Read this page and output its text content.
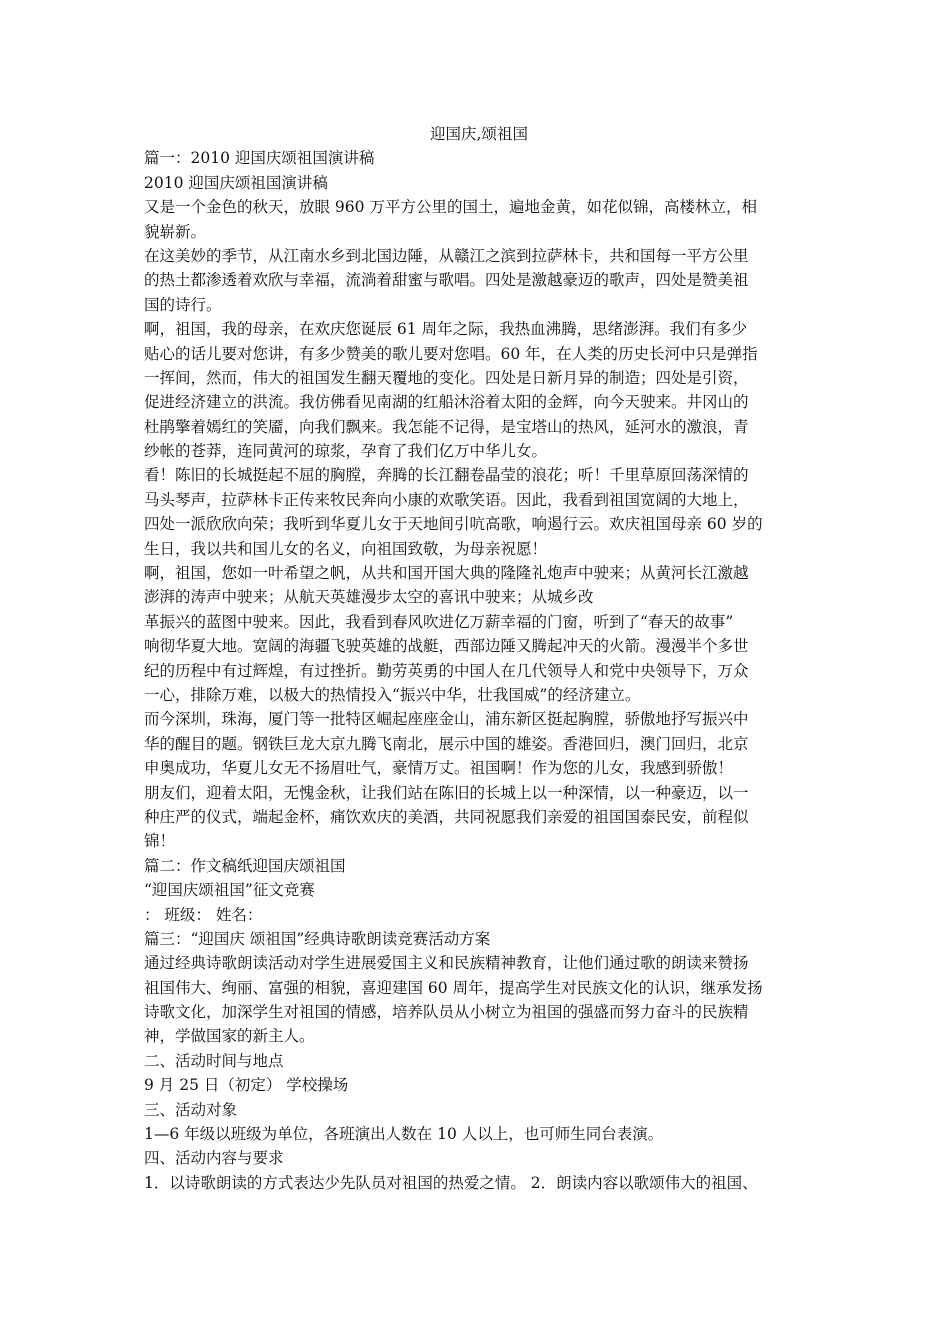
迎国庆,颂祖国
篇一：2010 迎国庆颂祖国演讲稿
2010 迎国庆颂祖国演讲稿
又是一个金色的秋天，放眼 960 万平方公里的国土，遍地金黄，如花似锦，高楼林立，相
貌崭新。
在这美妙的季节，从江南水乡到北国边陲，从赣江之滨到拉萨林卡，共和国每一平方公里
的热土都渗透着欢欣与幸福，流淌着甜蜜与歌唱。四处是激越豪迈的歌声，四处是赞美祖
国的诗行。
啊，祖国，我的母亲，在欢庆您诞辰 61 周年之际，我热血沸腾，思绪澎湃。我们有多少
贴心的话儿要对您讲，有多少赞美的歌儿要对您唱。60 年，在人类的历史长河中只是弹指
一挥间，然而，伟大的祖国发生翻天覆地的变化。四处是日新月异的制造；四处是引资，
促进经济建立的洪流。我仿佛看见南湖的红船沐浴着太阳的金辉，向今天驶来。井冈山的
杜鹃擎着嫣红的笑靥，向我们飘来。我怎能不记得，是宝塔山的热风，延河水的激浪，青
纱帐的苍莽，连同黄河的琼浆，孕育了我们亿万中华儿女。
看！陈旧的长城挺起不屈的胸膛，奔腾的长江翻卷晶莹的浪花；听！千里草原回荡深情的
马头琴声，拉萨林卡正传来牧民奔向小康的欢歌笑语。因此，我看到祖国宽阔的大地上，
四处一派欣欣向荣；我听到华夏儿女于天地间引吭高歌，响遏行云。欢庆祖国母亲 60 岁的
生日，我以共和国儿女的名义，向祖国致敬，为母亲祝愿！
啊，祖国，您如一叶希望之帆，从共和国开国大典的隆隆礼炮声中驶来；从黄河长江激越
澎湃的涛声中驶来；从航天英雄漫步太空的喜讯中驶来；从城乡改
革振兴的蓝图中驶来。因此，我看到春风吹进亿万薪幸福的门窗，听到了“春天的故事”
响彻华夏大地。宽阔的海疆飞驶英雄的战艇，西部边陲又腾起冲天的火箭。漫漫半个多世
纪的历程中有过辉煌，有过挫折。勤劳英勇的中国人在几代领导人和党中央领导下，万众
一心，排除万难，以极大的热情投入“振兴中华，壮我国威”的经济建立。
而今深圳，珠海，厦门等一批特区崛起座座金山，浦东新区挺起胸膛，骄傲地抒写振兴中
华的醒目的题。钢铁巨龙大京九腾飞南北，展示中国的雄姿。香港回归，澳门回归，北京
申奥成功，华夏儿女无不扬眉吐气，豪情万丈。祖国啊！作为您的儿女，我感到骄傲！
朋友们，迎着太阳，无愧金秋，让我们站在陈旧的长城上以一种深情，以一种豪迈，以一
种庄严的仪式，端起金杯，痛饮欢庆的美酒，共同祝愿我们亲爱的祖国国泰民安，前程似
锦！
篇二：作文稿纸迎国庆颂祖国
“迎国庆颂祖国”征文竞赛
： 班级： 姓名：
篇三：“迎国庆 颂祖国”经典诗歌朗读竞赛活动方案
通过经典诗歌朗读活动对学生进展爱国主义和民族精神教育，让他们通过歌的朗读来赞扬
祖国伟大、绚丽、富强的相貌，喜迎建国 60 周年，提高学生对民族文化的认识，继承发扬
诗歌文化，加深学生对祖国的情感，培养队员从小树立为祖国的强盛而努力奋斗的民族精
神，学做国家的新主人。
二、活动时间与地点
9 月 25 日（初定） 学校操场
三、活动对象
1—6 年级以班级为单位，各班演出人数在 10 人以上，也可师生同台表演。
四、活动内容与要求
1．以诗歌朗读的方式表达少先队员对祖国的热爱之情。 2．朗读内容以歌颂伟大的祖国、
